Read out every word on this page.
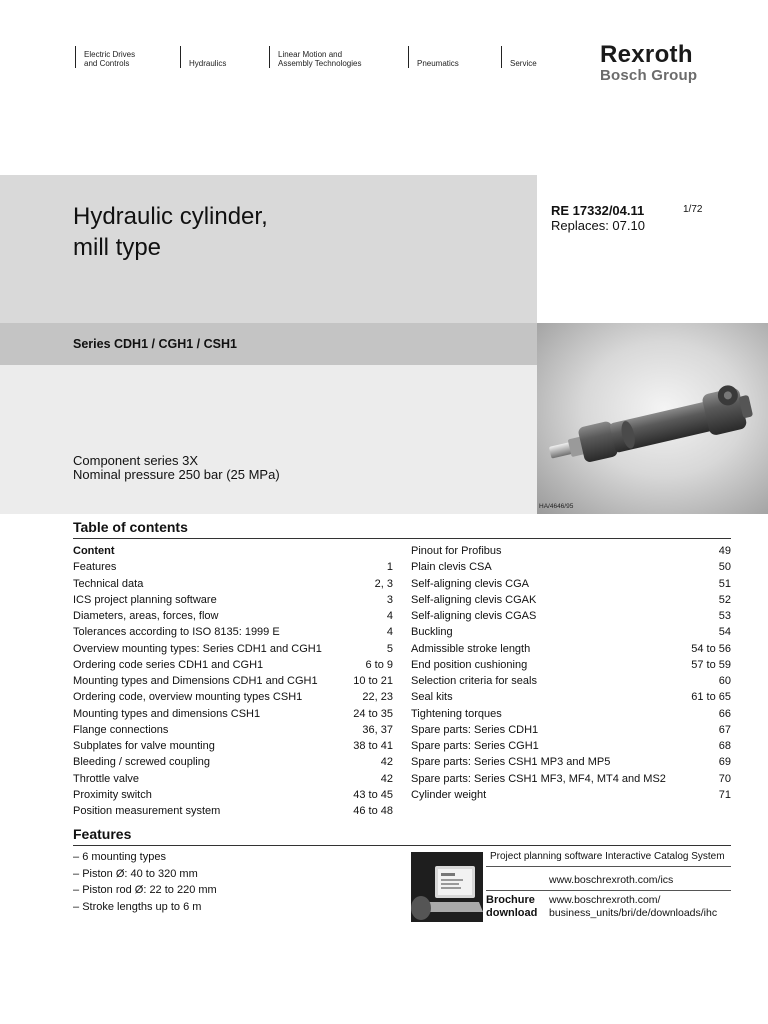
Electric Drives
and Controls	Hydraulics
Linear Motion and
Assembly Technologies	Pneumatics	Service	Rexroth
Bosch Group
Hydraulic cylinder,
mill type
RE 17332/04.11
Replaces: 07.10
1/72
Series CDH1 / CGH1 / CSH1
Component series 3X
Nominal pressure 250 bar (25 MPa)
HA/4646/95
Table of contents
Content
Features	1
Technical data	2, 3
ICS project planning software	3
Diameters, areas, forces, flow	4
Tolerances according to ISO 8135: 1999 E	4
Overview mounting types: Series CDH1 and CGH1	5
Ordering code series CDH1 and CGH1	6 to 9
Mounting types and Dimensions CDH1 and CGH1	10 to 21
Ordering code, overview mounting types CSH1	22, 23
Mounting types and dimensions CSH1	24 to 35
Flange connections	36, 37
Subplates for valve mounting	38 to 41
Bleeding / screwed coupling	42
Throttle valve	42
Proximity switch	43 to 45
Position measurement system	46 to 48
Pinout for Profibus	49
Plain clevis CSA	50
Self-aligning clevis CGA	51
Self-aligning clevis CGAK	52
Self-aligning clevis CGAS	53
Buckling	54
Admissible stroke length	54 to 56
End position cushioning	57 to 59
Selection criteria for seals	60
Seal kits	61 to 65
Tightening torques	66
Spare parts: Series CDH1	67
Spare parts: Series CGH1	68
Spare parts: Series CSH1 MP3 and MP5	69
Spare parts: Series CSH1 MF3, MF4, MT4 and MS2	70
Cylinder weight	71
Features
– 6 mounting types
– Piston Ø: 40 to 320 mm
– Piston rod Ø: 22 to 220 mm
– Stroke lengths up to 6 m
Project planning software Interactive Catalog System
www.boschrexroth.com/ics
Brochure
download
www.boschrexroth.com/
business_units/bri/de/downloads/ihc
